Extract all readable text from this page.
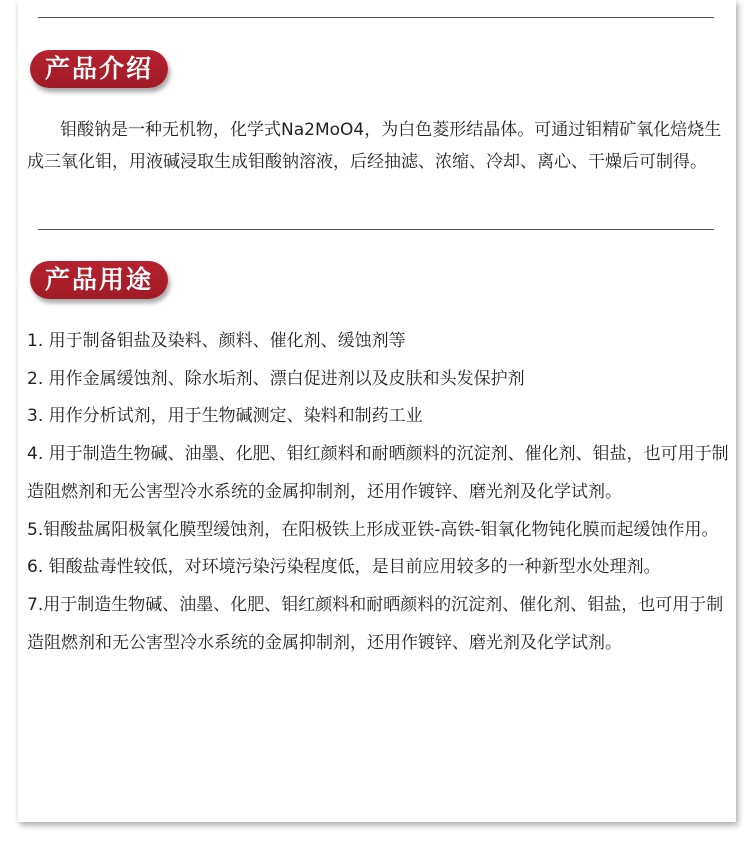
产品介绍

钼酸钠是一种无机物，化学式Na2MoO4，为白色菱形结晶体。可通过钼精矿氧化焙烧生成三氧化钼，用液碱浸取生成钼酸钠溶液，后经抽滤、浓缩、冷却、离心、干燥后可制得。

产品用途
1. 用于制备钼盐及染料、颜料、催化剂、缓蚀剂等
2. 用作金属缓蚀剂、除水垢剂、漂白促进剂以及皮肤和头发保护剂
3. 用作分析试剂，用于生物碱测定、染料和制药工业
4. 用于制造生物碱、油墨、化肥、钼红颜料和耐晒颜料的沉淀剂、催化剂、钼盐，也可用于制造阻燃剂和无公害型冷水系统的金属抑制剂，还用作镀锌、磨光剂及化学试剂。
5.钼酸盐属阳极氧化膜型缓蚀剂，在阳极铁上形成亚铁-高铁-钼氧化物钝化膜而起缓蚀作用。
6. 钼酸盐毒性较低，对环境污染污染程度低，是目前应用较多的一种新型水处理剂。
7.用于制造生物碱、油墨、化肥、钼红颜料和耐晒颜料的沉淀剂、催化剂、钼盐，也可用于制造阻燃剂和无公害型冷水系统的金属抑制剂，还用作镀锌、磨光剂及化学试剂。
